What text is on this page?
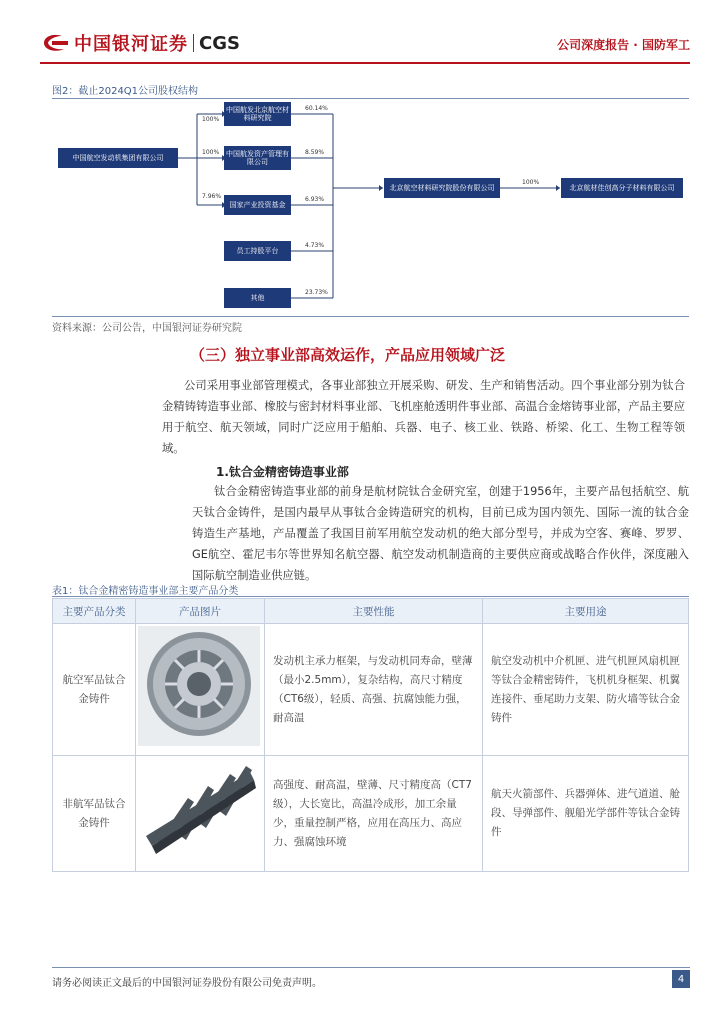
中国银河证券 CGS	公司深度报告 · 国防军工
图2：截止2024Q1公司股权结构
中国航空发动机集团有限公司
中国航发北京航空材料研究院
中国航发资产管理有限公司
国家产业投资基金
员工持股平台
其他
北京航空材料研究院股份有限公司	北京航材佳创高分子材料有限公司
100%
100%
7.96%
60.14%
8.59%
6.93%
4.73%
23.73%
100%
资料来源：公司公告，中国银河证券研究院
（三）独立事业部高效运作，产品应用领域广泛
公司采用事业部管理模式，各事业部独立开展采购、研发、生产和销售活动。四个事业部分别为钛合金精铸铸造事业部、橡胶与密封材料事业部、飞机座舱透明件事业部、高温合金熔铸事业部，产品主要应用于航空、航天领域，同时广泛应用于船舶、兵器、电子、核工业、铁路、桥梁、化工、生物工程等领域。
1.钛合金精密铸造事业部
钛合金精密铸造事业部的前身是航材院钛合金研究室，创建于1956年，主要产品包括航空、航天钛合金铸件，是国内最早从事钛合金铸造研究的机构，目前已成为国内领先、国际一流的钛合金铸造生产基地，产品覆盖了我国目前军用航空发动机的绝大部分型号，并成为空客、赛峰、罗罗、GE航空、霍尼韦尔等世界知名航空器、航空发动机制造商的主要供应商或战略合作伙伴，深度融入国际航空制造业供应链。
表1：钛合金精密铸造事业部主要产品分类
主要产品分类	产品图片	主要性能	主要用途
航空军品钛合金铸件		发动机主承力框架，与发动机同寿命，壁薄（最小2.5mm），复杂结构，高尺寸精度（CT6级），轻质、高强、抗腐蚀能力强，耐高温	航空发动机中介机匣、进气机匣风扇机匣等钛合金精密铸件，飞机机身框架、机翼连接件、垂尾助力支架、防火墙等钛合金铸件
非航军品钛合金铸件		高强度、耐高温，壁薄、尺寸精度高（CT7级），大长宽比，高温冷成形，加工余量少，重量控制严格，应用在高压力、高应力、强腐蚀环境	航天火箭部件、兵器弹体、进气道道、舱段、导弹部件、舰船光学部件等钛合金铸件
请务必阅读正文最后的中国银河证券股份有限公司免责声明。	4
